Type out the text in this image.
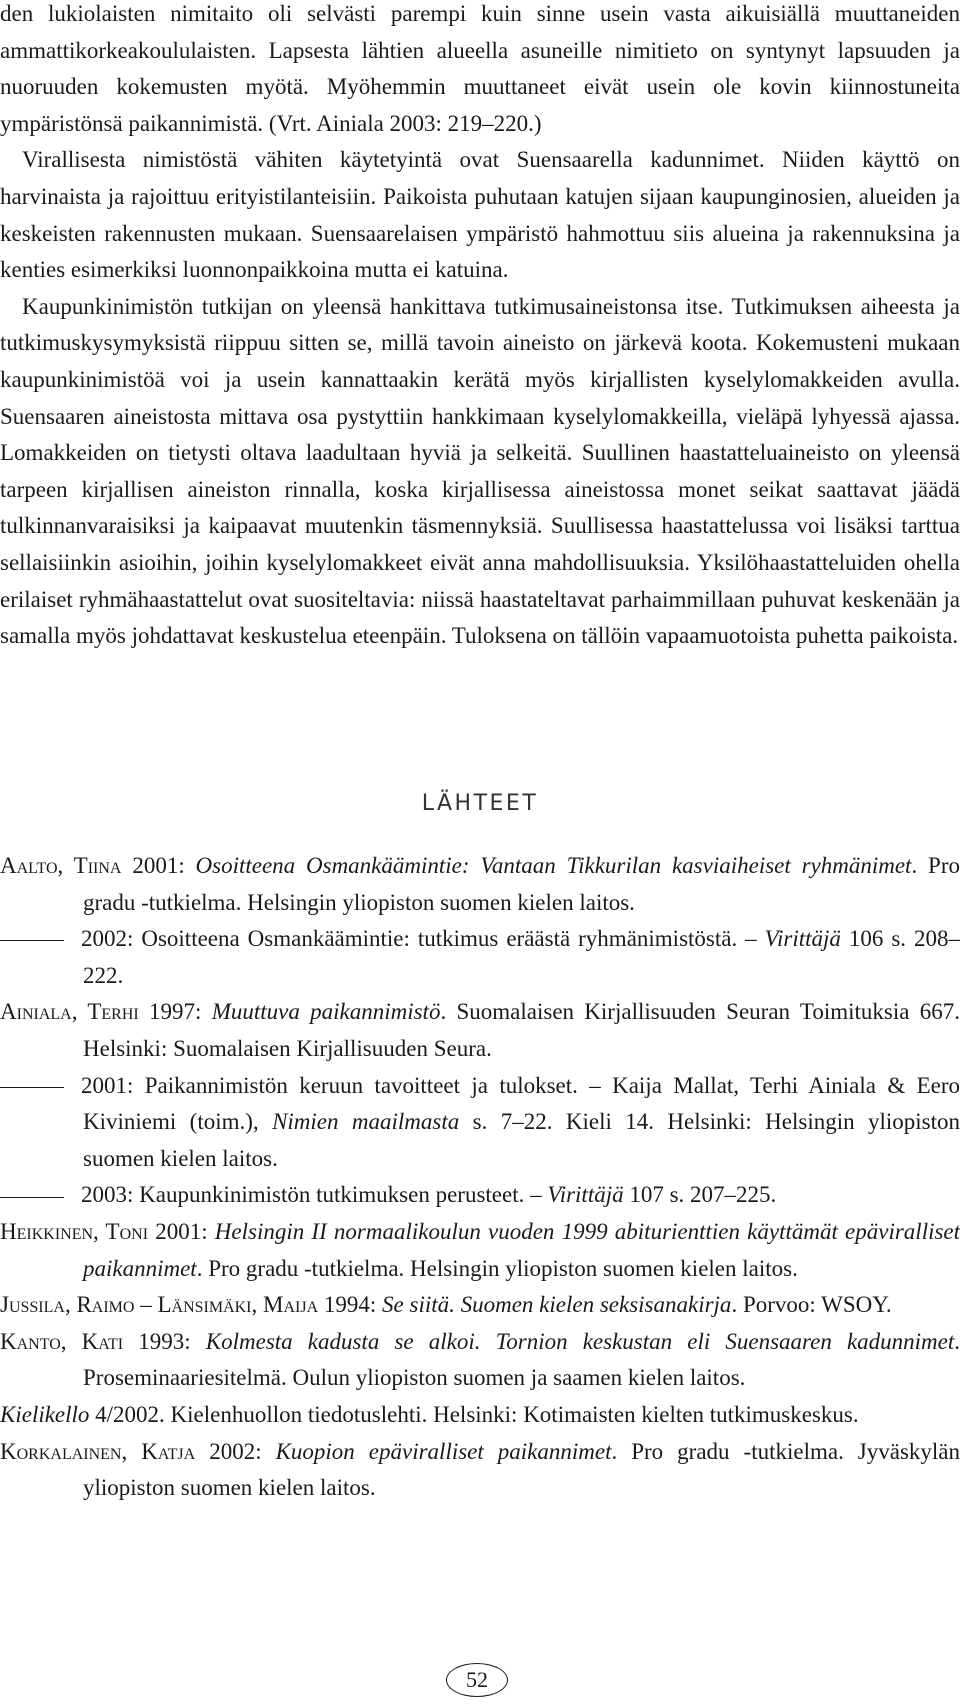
den lukiolaisten nimitaito oli selvästi parempi kuin sinne usein vasta aikuisiällä muuttaneiden ammattikorkeakoululaisten. Lapsesta lähtien alueella asuneille nimitieto on syntynyt lapsuuden ja nuoruuden kokemusten myötä. Myöhemmin muuttaneet eivät usein ole kovin kiinnostuneita ympäristönsä paikannimistä. (Vrt. Ainiala 2003: 219–220.)

Virallisesta nimistöstä vähiten käytetyintä ovat Suensaarella kadunnimet. Niiden käyttö on harvinaista ja rajoittuu erityistilanteisiin. Paikoista puhutaan katujen sijaan kaupunginosien, alueiden ja keskeisten rakennusten mukaan. Suensaarelaisen ympäristö hahmottuu siis alueina ja rakennuksina ja kenties esimerkiksi luonnonpaikkoina mutta ei katuina.

Kaupunkinimistön tutkijan on yleensä hankittava tutkimusaineistonsa itse. Tutkimuksen aiheesta ja tutkimuskysymyksistä riippuu sitten se, millä tavoin aineisto on järkevä koota. Kokemusteni mukaan kaupunkinimistöä voi ja usein kannattaakin kerätä myös kirjallisten kyselylomakkeiden avulla. Suensaaren aineistosta mittava osa pystyttiin hankkimaan kyselylomakkeilla, vieläpä lyhyessä ajassa. Lomakkeiden on tietysti oltava laadultaan hyviä ja selkeitä. Suullinen haastatteluaineisto on yleensä tarpeen kirjallisen aineiston rinnalla, koska kirjallisessa aineistossa monet seikat saattavat jäädä tulkinnanvaraisiksi ja kaipaavat muutenkin täsmennyksiä. Suullisessa haastattelussa voi lisäksi tarttua sellaisiinkin asioihin, joihin kyselylomakkeet eivät anna mahdollisuuksia. Yksilöhaastatteluiden ohella erilaiset ryhmähaastattelut ovat suositeltavia: niissä haastateltavat parhaimmillaan puhuvat keskenään ja samalla myös johdattavat keskustelua eteenpäin. Tuloksena on tällöin vapaamuotoista puhetta paikoista.

LÄHTEET
Aalto, Tiina 2001: Osoitteena Osmankäämintie: Vantaan Tikkurilan kasviaiheiset ryhmänimet. Pro gradu -tutkielma. Helsingin yliopiston suomen kielen laitos.
2002: Osoitteena Osmankäämintie: tutkimus eräästä ryhmänimistöstä. – Virittäjä 106 s. 208–222.
Ainiala, Terhi 1997: Muuttuva paikannimistö. Suomalaisen Kirjallisuuden Seuran Toimituksia 667. Helsinki: Suomalaisen Kirjallisuuden Seura.
2001: Paikannimistön keruun tavoitteet ja tulokset. – Kaija Mallat, Terhi Ainiala & Eero Kiviniemi (toim.), Nimien maailmasta s. 7–22. Kieli 14. Helsinki: Helsingin yliopiston suomen kielen laitos.
2003: Kaupunkinimistön tutkimuksen perusteet. – Virittäjä 107 s. 207–225.
Heikkinen, Toni 2001: Helsingin II normaalikoulun vuoden 1999 abiturienttien käyttämät epäviralliset paikannimet. Pro gradu -tutkielma. Helsingin yliopiston suomen kielen laitos.
Jussila, Raimo – Länsimäki, Maija 1994: Se siitä. Suomen kielen seksisanakirja. Porvoo: WSOY.
Kanto, Kati 1993: Kolmesta kadusta se alkoi. Tornion keskustan eli Suensaaren kadunnimet. Proseminaariesitelmä. Oulun yliopiston suomen ja saamen kielen laitos.
Kielikello 4/2002. Kielenhuollon tiedotuslehti. Helsinki: Kotimaisten kielten tutkimuskeskus.
Korkalainen, Katja 2002: Kuopion epäviralliset paikannimet. Pro gradu -tutkielma. Jyväskylän yliopiston suomen kielen laitos.
52
